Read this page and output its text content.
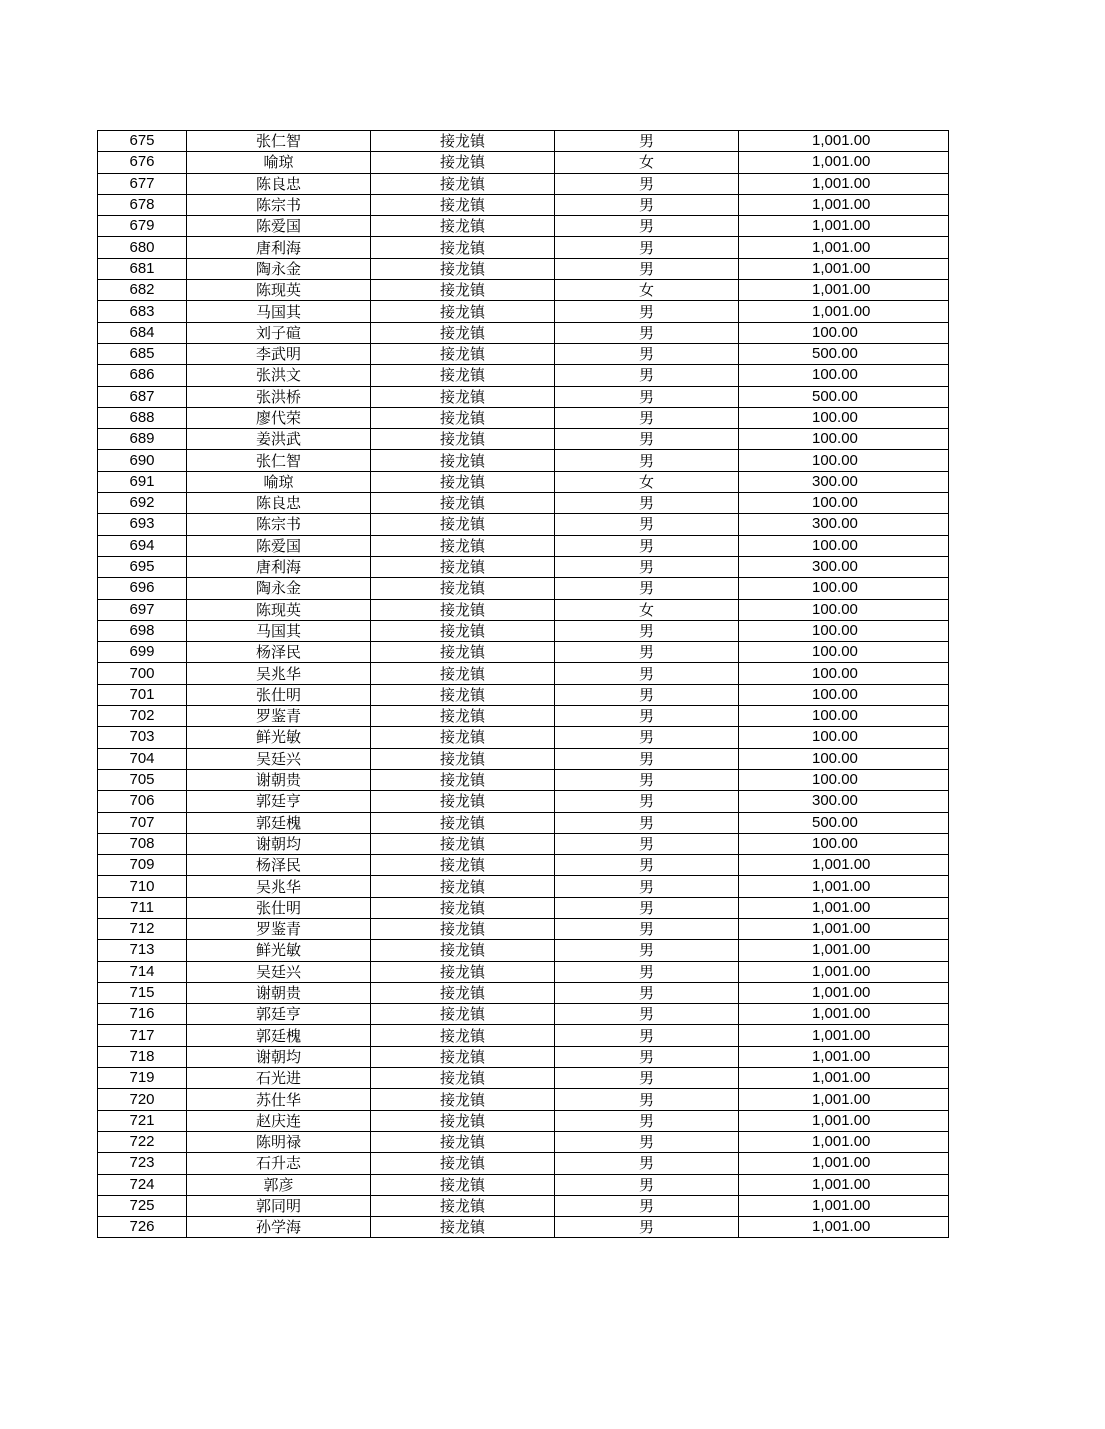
675	张仁智	接龙镇	男	1,001.00
676	喻琼	接龙镇	女	1,001.00
677	陈良忠	接龙镇	男	1,001.00
678	陈宗书	接龙镇	男	1,001.00
679	陈爱国	接龙镇	男	1,001.00
680	唐利海	接龙镇	男	1,001.00
681	陶永金	接龙镇	男	1,001.00
682	陈现英	接龙镇	女	1,001.00
683	马国其	接龙镇	男	1,001.00
684	刘子碹	接龙镇	男	100.00
685	李武明	接龙镇	男	500.00
686	张洪文	接龙镇	男	100.00
687	张洪桥	接龙镇	男	500.00
688	廖代荣	接龙镇	男	100.00
689	姜洪武	接龙镇	男	100.00
690	张仁智	接龙镇	男	100.00
691	喻琼	接龙镇	女	300.00
692	陈良忠	接龙镇	男	100.00
693	陈宗书	接龙镇	男	300.00
694	陈爱国	接龙镇	男	100.00
695	唐利海	接龙镇	男	300.00
696	陶永金	接龙镇	男	100.00
697	陈现英	接龙镇	女	100.00
698	马国其	接龙镇	男	100.00
699	杨泽民	接龙镇	男	100.00
700	吴兆华	接龙镇	男	100.00
701	张仕明	接龙镇	男	100.00
702	罗鉴青	接龙镇	男	100.00
703	鲜光敏	接龙镇	男	100.00
704	吴廷兴	接龙镇	男	100.00
705	谢朝贵	接龙镇	男	100.00
706	郭廷亨	接龙镇	男	300.00
707	郭廷槐	接龙镇	男	500.00
708	谢朝均	接龙镇	男	100.00
709	杨泽民	接龙镇	男	1,001.00
710	吴兆华	接龙镇	男	1,001.00
711	张仕明	接龙镇	男	1,001.00
712	罗鉴青	接龙镇	男	1,001.00
713	鲜光敏	接龙镇	男	1,001.00
714	吴廷兴	接龙镇	男	1,001.00
715	谢朝贵	接龙镇	男	1,001.00
716	郭廷亨	接龙镇	男	1,001.00
717	郭廷槐	接龙镇	男	1,001.00
718	谢朝均	接龙镇	男	1,001.00
719	石光进	接龙镇	男	1,001.00
720	苏仕华	接龙镇	男	1,001.00
721	赵庆连	接龙镇	男	1,001.00
722	陈明禄	接龙镇	男	1,001.00
723	石升志	接龙镇	男	1,001.00
724	郭彦	接龙镇	男	1,001.00
725	郭同明	接龙镇	男	1,001.00
726	孙学海	接龙镇	男	1,001.00
